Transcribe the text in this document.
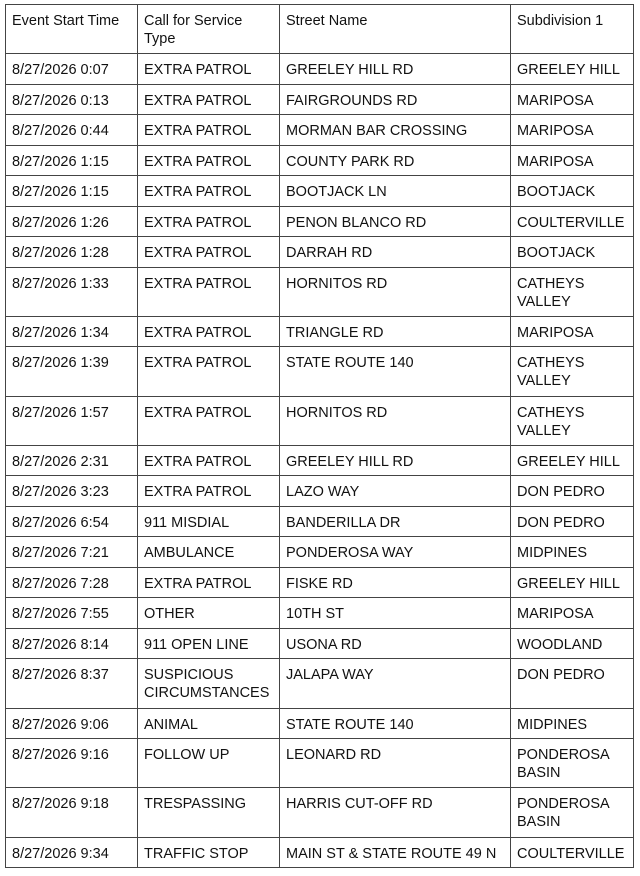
Event Start Time	Call for Service Type	Street Name	Subdivision 1
8/27/2026 0:07	EXTRA PATROL	GREELEY HILL RD	GREELEY HILL
8/27/2026 0:13	EXTRA PATROL	FAIRGROUNDS RD	MARIPOSA
8/27/2026 0:44	EXTRA PATROL	MORMAN BAR CROSSING	MARIPOSA
8/27/2026 1:15	EXTRA PATROL	COUNTY PARK RD	MARIPOSA
8/27/2026 1:15	EXTRA PATROL	BOOTJACK LN	BOOTJACK
8/27/2026 1:26	EXTRA PATROL	PENON BLANCO RD	COULTERVILLE
8/27/2026 1:28	EXTRA PATROL	DARRAH RD	BOOTJACK
8/27/2026 1:33	EXTRA PATROL	HORNITOS RD	CATHEYS VALLEY
8/27/2026 1:34	EXTRA PATROL	TRIANGLE RD	MARIPOSA
8/27/2026 1:39	EXTRA PATROL	STATE ROUTE 140	CATHEYS VALLEY
8/27/2026 1:57	EXTRA PATROL	HORNITOS RD	CATHEYS VALLEY
8/27/2026 2:31	EXTRA PATROL	GREELEY HILL RD	GREELEY HILL
8/27/2026 3:23	EXTRA PATROL	LAZO WAY	DON PEDRO
8/27/2026 6:54	911 MISDIAL	BANDERILLA DR	DON PEDRO
8/27/2026 7:21	AMBULANCE	PONDEROSA WAY	MIDPINES
8/27/2026 7:28	EXTRA PATROL	FISKE RD	GREELEY HILL
8/27/2026 7:55	OTHER	10TH ST	MARIPOSA
8/27/2026 8:14	911 OPEN LINE	USONA RD	WOODLAND
8/27/2026 8:37	SUSPICIOUS CIRCUMSTANCES	JALAPA WAY	DON PEDRO
8/27/2026 9:06	ANIMAL	STATE ROUTE 140	MIDPINES
8/27/2026 9:16	FOLLOW UP	LEONARD RD	PONDEROSA BASIN
8/27/2026 9:18	TRESPASSING	HARRIS CUT-OFF RD	PONDEROSA BASIN
8/27/2026 9:34	TRAFFIC STOP	MAIN ST & STATE ROUTE 49 N	COULTERVILLE
